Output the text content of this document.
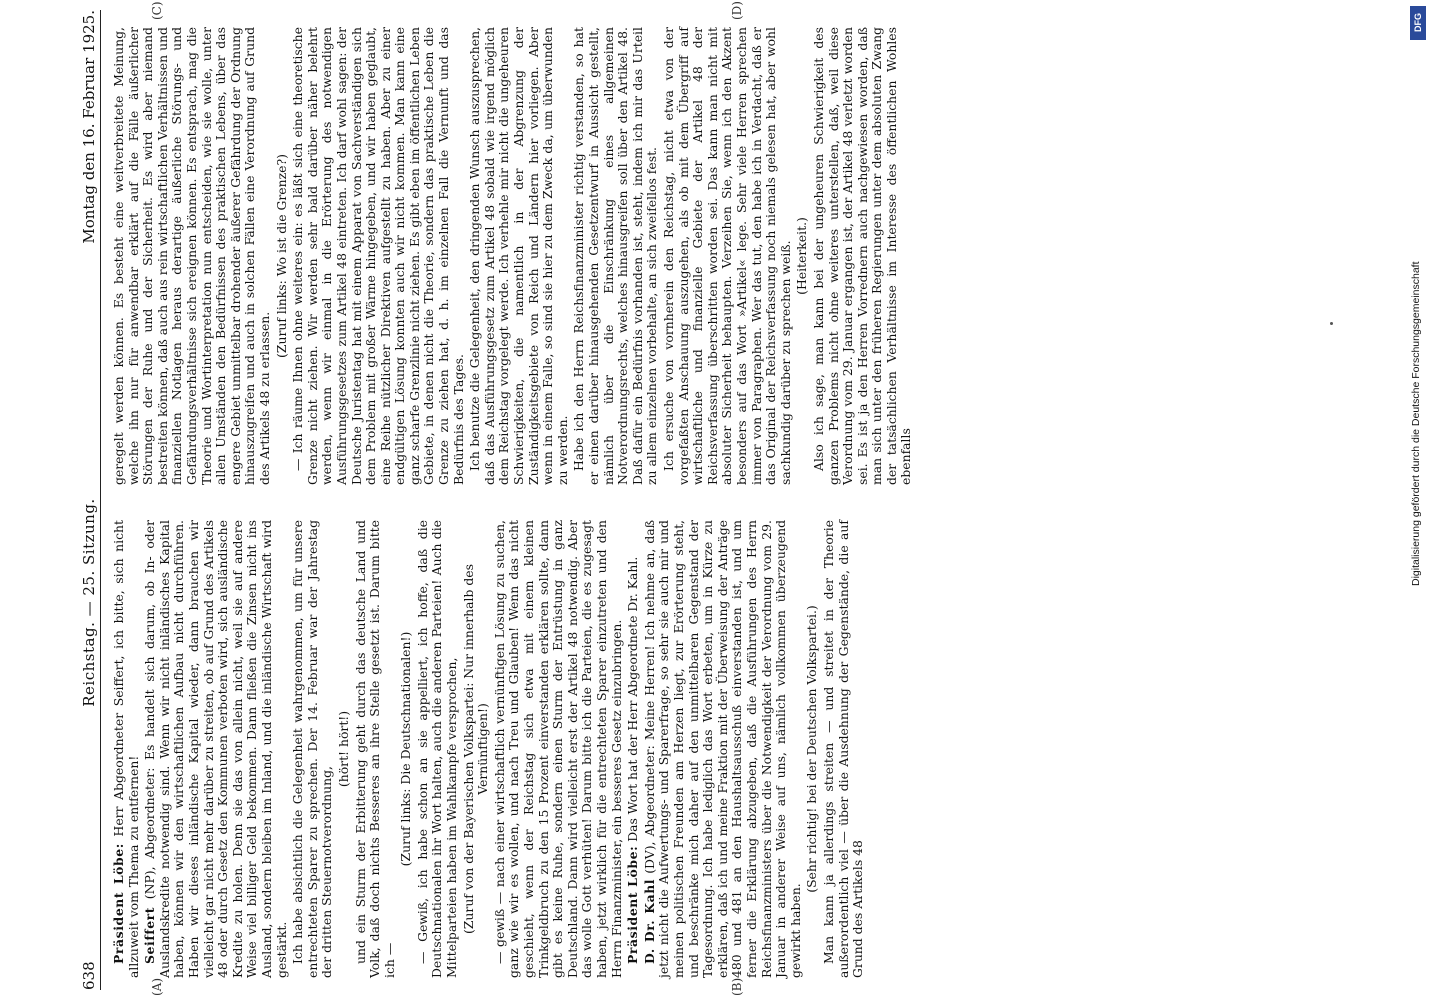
638
Reichstag. — 25. Sitzung.
Montag den 16. Februar 1925.
(A)	(B)
(C)	(D)

Präsident Löbe: Herr Abgeordneter Seiffert, ich bitte, sich nicht allzuweit vom Thema zu entfernen! Seiffert (NP), Abgeordneter: Es handelt sich darum, ob In- oder Auslandskredite notwendig sind. Wenn wir nicht inländisches Kapital haben, können wir den wirtschaftlichen Aufbau nicht durchführen. Haben wir dieses inländische Kapital wieder, dann brauchen wir vielleicht gar nicht mehr darüber zu streiten, ob auf Grund des Artikels 48 oder durch Gesetz den Kommunen verboten wird, sich ausländische Kredite zu holen. Denn sie das von allein nicht, weil sie auf andere Weise viel billiger Geld bekommen. Dann fließen die Zinsen nicht ins Ausland, sondern bleiben im Inland, und die inländische Wirtschaft wird gestärkt. Ich habe absichtlich die Gelegenheit wahrgenommen, um für unsere entrechteten Sparer zu sprechen. Der 14. Februar war der Jahrestag der dritten Steuernotverordnung,

(hört! hört!) und ein Sturm der Erbitterung geht durch das deutsche Land und Volk, daß doch nichts Besseres an ihre Stelle gesetzt ist. Darum bitte ich —

(Zuruf links: Die Deutschnationalen!) — Gewiß, ich habe schon an sie appelliert, ich hoffe, daß die Deutschnationalen ihr Wort halten, auch die anderen Parteien! Auch die Mittelparteien haben im Wahlkampfe versprochen, (Zuruf von der Bayerischen Volkspartei: Nur innerhalb des Vernünftigen!) — gewiß — nach einer wirtschaftlich vernünftigen Lösung zu suchen, ganz wie wir es wollen, und nach Treu und Glauben! Wenn das nicht geschieht, wenn der Reichstag sich etwa mit einem kleinen Trinkgeldbruch zu den 15 Prozent einverstanden erklären sollte, dann gibt es keine Ruhe, sondern einen Sturm der Entrüstung in ganz Deutschland. Dann wird vielleicht erst der Artikel 48 notwendig. Aber das wolle Gott verhüten! Darum bitte ich die Parteien, die es zugesagt haben, jetzt wirklich für die entrechteten Sparer einzutreten und den Herrn Finanzminister, ein besseres Gesetz einzubringen. Präsident Löbe: Das Wort hat der Herr Abgeordnete Dr. Kahl.

D. Dr. Kahl (DV), Abgeordneter: Meine Herren! Ich nehme an, daß jetzt nicht die Aufwertungs- und Sparerfrage, so sehr sie auch mir und meinen politischen Freunden am Herzen liegt, zur Erörterung steht, und beschränke mich daher auf den unmittelbaren Gegenstand der Tagesordnung. Ich habe lediglich das Wort erbeten, um in Kürze zu erklären, daß ich und meine Fraktion mit der Überweisung der Anträge 480 und 481 an den Haushaltsausschuß einverstanden ist, und um ferner die Erklärung abzugeben, daß die Ausführungen des Herrn Reichsfinanzministers über die Notwendigkeit der Verordnung vom 29. Januar in anderer Weise auf uns, nämlich vollkommen überzeugend gewirkt haben.

(Sehr richtig! bei der Deutschen Volkspartei.) Man kann ja allerdings streiten — und streitet in der Theorie außerordentlich viel — über die Ausdehnung der Gegenstände, die auf Grund des Artikels 48

geregelt werden können. Es besteht eine weitverbreitete Meinung, welche ihn nur für anwendbar erklärt auf die Fälle äußerlicher Störungen der Ruhe und der Sicherheit. Es wird aber niemand bestreiten können, daß auch aus rein wirtschaftlichen Verhältnissen und finanziellen Notlagen heraus derartige äußerliche Störungs- und Gefährdungsverhältnisse sich ereignen können. Es entsprach, mag die Theorie und Wortinterpretation nun entscheiden, wie sie wolle, unter allen Umständen den Bedürfnissen des praktischen Lebens, über das engere Gebiet unmittelbar drohender äußerer Gefährdung der Ordnung hinauszugreifen und auch in solchen Fällen eine Verordnung auf Grund des Artikels 48 zu erlassen.

(Zuruf links: Wo ist die Grenze?) — Ich räume Ihnen ohne weiteres ein: es läßt sich eine theoretische Grenze nicht ziehen. Wir werden sehr bald darüber näher belehrt werden, wenn wir einmal in die Erörterung des notwendigen Ausführungsgesetzes zum Artikel 48 eintreten. Ich darf wohl sagen: der Deutsche Juristentag hat mit einem Apparat von Sachverständigen sich dem Problem mit großer Wärme hingegeben, und wir haben geglaubt, eine Reihe nützlicher Direktiven aufgestellt zu haben. Aber zu einer endgültigen Lösung konnten auch wir nicht kommen. Man kann eine ganz scharfe Grenzlinie nicht ziehen. Es gibt eben im öffentlichen Leben Gebiete, in denen nicht die Theorie, sondern das praktische Leben die Grenze zu ziehen hat, d. h. im einzelnen Fall die Vernunft und das Bedürfnis des Tages. Ich benutze die Gelegenheit, den dringenden Wunsch auszusprechen, daß das Ausführungsgesetz zum Artikel 48 sobald wie irgend möglich dem Reichstag vorgelegt werde. Ich verhehle mir nicht die ungeheuren Schwierigkeiten, die namentlich in der Abgrenzung der Zuständigkeitsgebiete von Reich und Ländern hier vorliegen. Aber wenn in einem Falle, so sind sie hier zu dem Zweck da, um überwunden zu werden. Habe ich den Herrn Reichsfinanzminister richtig verstanden, so hat er einen darüber hinausgehenden Gesetzentwurf in Aussicht gestellt, nämlich über die Einschränkung eines allgemeinen Notverordnungsrechts, welches hinausgreifen soll über den Artikel 48. Daß dafür ein Bedürfnis vorhanden ist, steht, indem ich mir das Urteil zu allem einzelnen vorbehalte, an sich zweifellos fest. Ich ersuche von vornherein den Reichstag, nicht etwa von der vorgefaßten Anschauung auszugehen, als ob mit dem Übergriff auf wirtschaftliche und finanzielle Gebiete der Artikel 48 der Reichsverfassung überschritten worden sei. Das kann man nicht mit absoluter Sicherheit behaupten. Verzeihen Sie, wenn ich den Akzent besonders auf das Wort »Artikel« lege. Sehr viele Herren sprechen immer von Paragraphen. Wer das tut, den habe ich in Verdacht, daß er das Original der Reichsverfassung noch niemals gelesen hat, aber wohl sachkundig darüber zu sprechen weiß. (Heiterkeit.) Also ich sage, man kann bei der ungeheuren Schwierigkeit des ganzen Problems nicht ohne weiteres unterstellen, daß, weil diese Verordnung vom 29. Januar ergangen ist, der Artikel 48 verletzt worden sei. Es ist ja den Herren Vorrednern auch nachgewiesen worden, daß man sich unter den früheren Regierungen unter dem absoluten Zwang der tatsächlichen Verhältnisse im Interesse des öffentlichen Wohles ebenfalls

DFG
Digitalisierung gefördert durch die Deutsche Forschungsgemeinschaft
